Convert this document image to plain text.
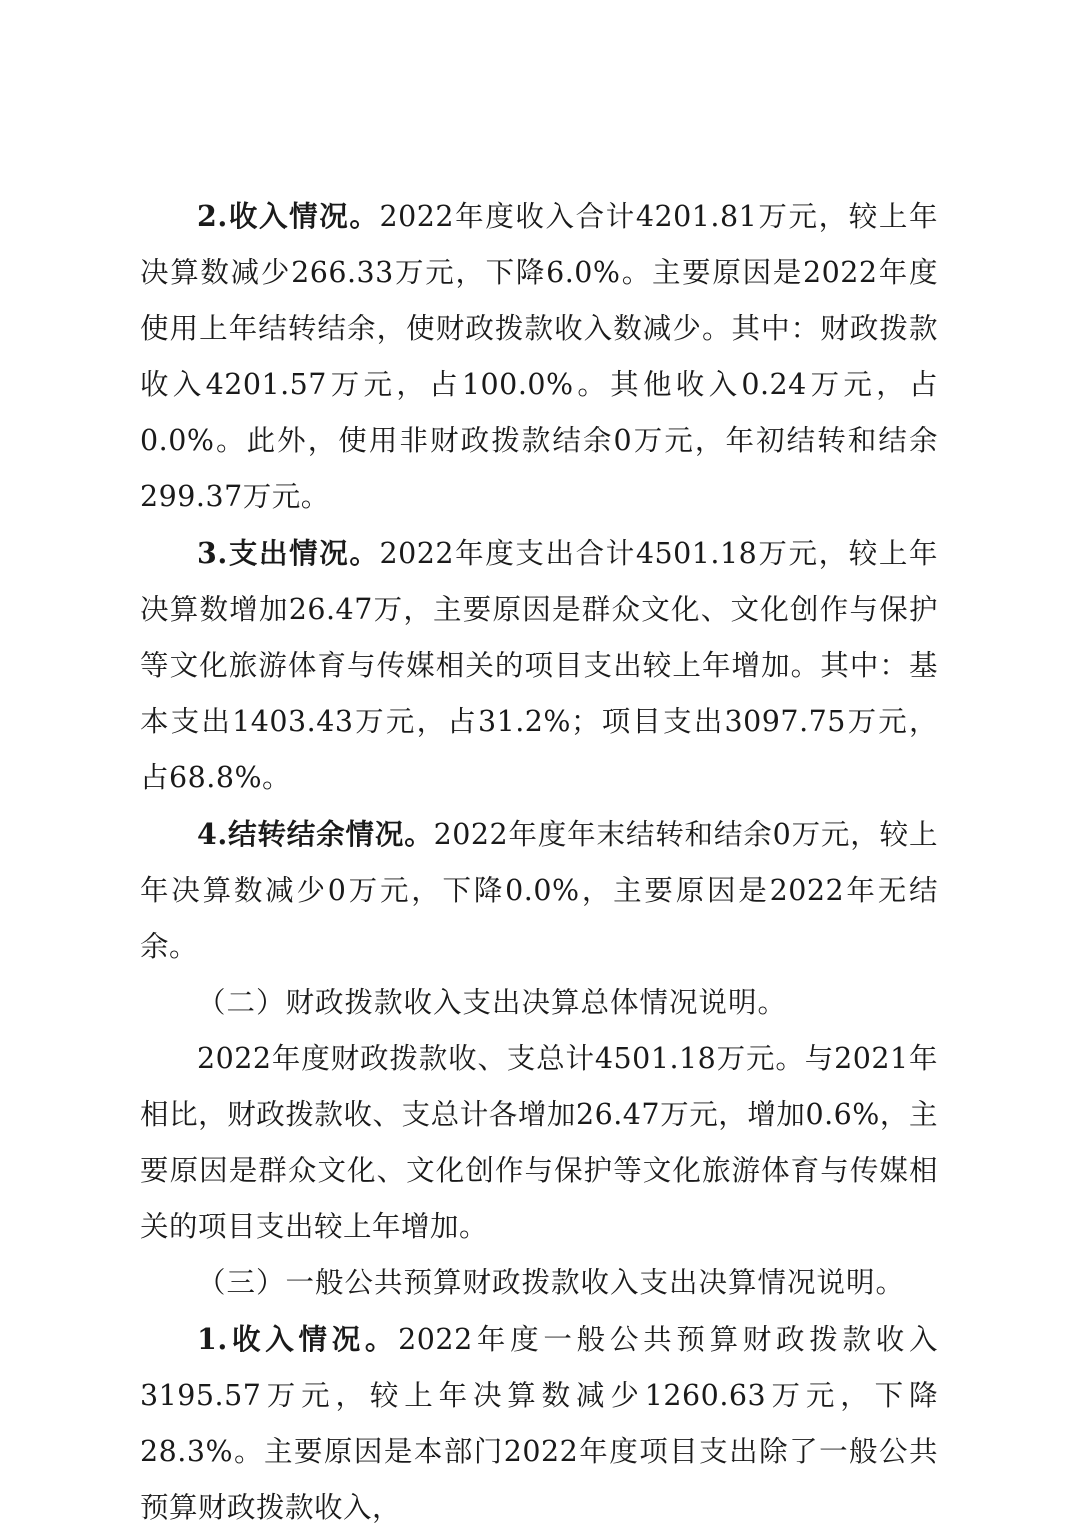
2.收入情况。2022年度收入合计4201.81万元，较上年决算数减少266.33万元，下降6.0%。主要原因是2022年度使用上年结转结余，使财政拨款收入数减少。其中：财政拨款收入4201.57万元，占100.0%。其他收入0.24万元，占0.0%。此外，使用非财政拨款结余0万元，年初结转和结余299.37万元。

3.支出情况。2022年度支出合计4501.18万元，较上年决算数增加26.47万，主要原因是群众文化、文化创作与保护等文化旅游体育与传媒相关的项目支出较上年增加。其中：基本支出1403.43万元，占31.2%；项目支出3097.75万元，占68.8%。

4.结转结余情况。2022年度年末结转和结余0万元，较上年决算数减少0万元，下降0.0%，主要原因是2022年无结余。

（二）财政拨款收入支出决算总体情况说明。

2022年度财政拨款收、支总计4501.18万元。与2021年相比，财政拨款收、支总计各增加26.47万元，增加0.6%，主要原因是群众文化、文化创作与保护等文化旅游体育与传媒相关的项目支出较上年增加。

（三）一般公共预算财政拨款收入支出决算情况说明。

1.收入情况。2022年度一般公共预算财政拨款收入3195.57万元，较上年决算数减少1260.63万元，下降28.3%。主要原因是本部门2022年度项目支出除了一般公共预算财政拨款收入，
